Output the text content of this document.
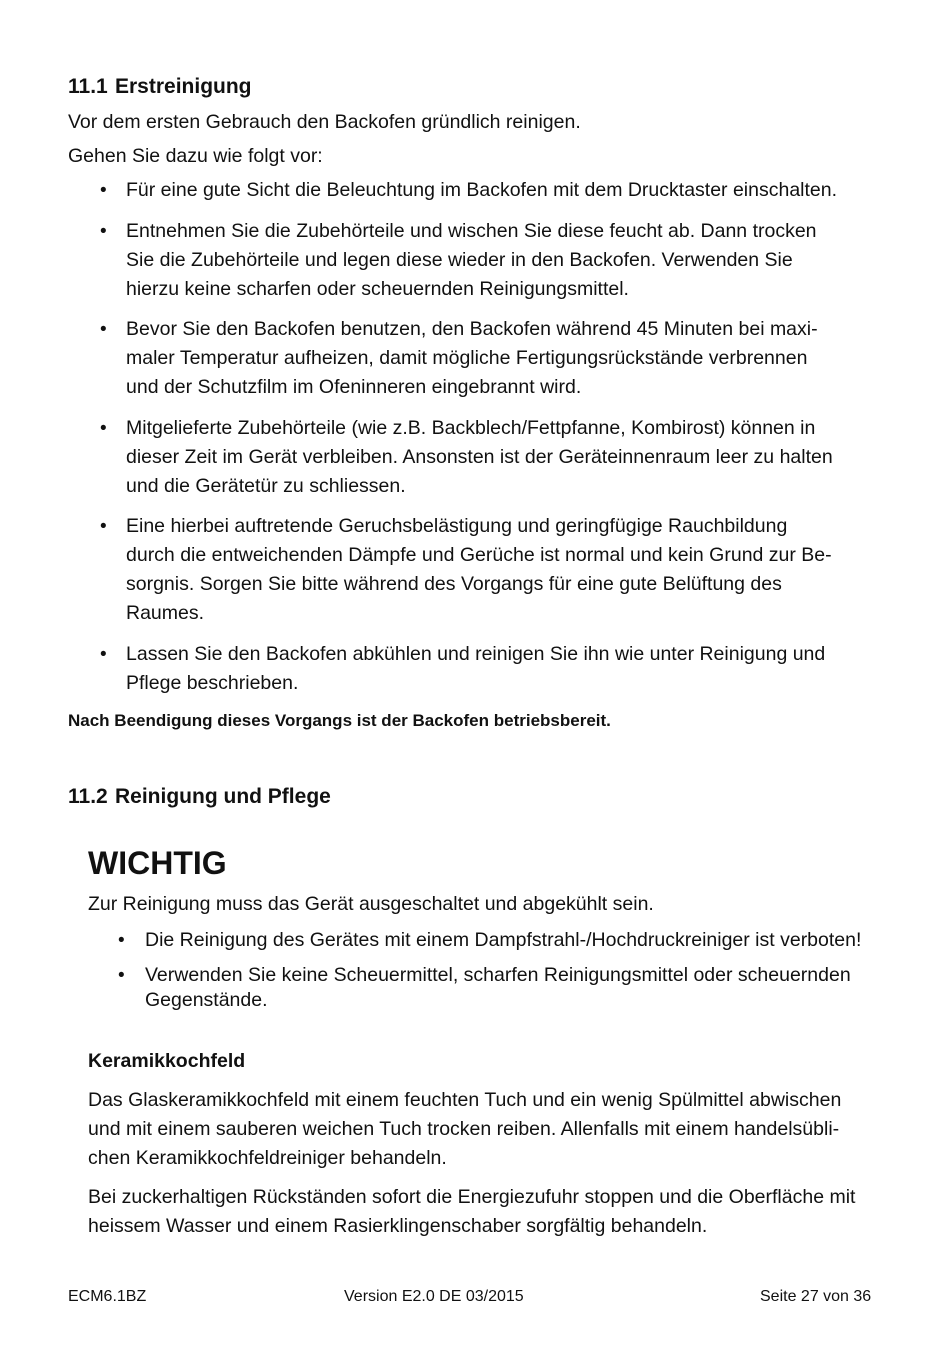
11.1 Erstreinigung

Vor dem ersten Gebrauch den Backofen gründlich reinigen.

Gehen Sie dazu wie folgt vor:

• Für eine gute Sicht die Beleuchtung im Backofen mit dem Drucktaster einschalten.

• Entnehmen Sie die Zubehörteile und wischen Sie diese feucht ab. Dann trocken
Sie die Zubehörteile und legen diese wieder in den Backofen. Verwenden Sie
hierzu keine scharfen oder scheuernden Reinigungsmittel.

• Bevor Sie den Backofen benutzen, den Backofen während 45 Minuten bei maxi-
maler Temperatur aufheizen, damit mögliche Fertigungsrückstände verbrennen
und der Schutzfilm im Ofeninneren eingebrannt wird.

• Mitgelieferte Zubehörteile (wie z.B. Backblech/Fettpfanne, Kombirost) können in
dieser Zeit im Gerät verbleiben. Ansonsten ist der Geräteinnenraum leer zu halten
und die Gerätetür zu schliessen.

• Eine hierbei auftretende Geruchsbelästigung und geringfügige Rauchbildung
durch die entweichenden Dämpfe und Gerüche ist normal und kein Grund zur Be-
sorgnis. Sorgen Sie bitte während des Vorgangs für eine gute Belüftung des
Raumes.

• Lassen Sie den Backofen abkühlen und reinigen Sie ihn wie unter Reinigung und
Pflege beschrieben.

Nach Beendigung dieses Vorgangs ist der Backofen betriebsbereit.

11.2 Reinigung und Pflege
WICHTIG

Zur Reinigung muss das Gerät ausgeschaltet und abgekühlt sein.

• Die Reinigung des Gerätes mit einem Dampfstrahl-/Hochdruckreiniger ist verboten!

• Verwenden Sie keine Scheuermittel, scharfen Reinigungsmittel oder scheuernden
Gegenstände.

Keramikkochfeld

Das Glaskeramikkochfeld mit einem feuchten Tuch und ein wenig Spülmittel abwischen
und mit einem sauberen weichen Tuch trocken reiben. Allenfalls mit einem handelsübli-
chen Keramikkochfeldreiniger behandeln.

Bei zuckerhaltigen Rückständen sofort die Energiezufuhr stoppen und die Oberfläche mit
heissem Wasser und einem Rasierklingenschaber sorgfältig behandeln.

ECM6.1BZ	Version E2.0 DE 03/2015	Seite 27 von 36
